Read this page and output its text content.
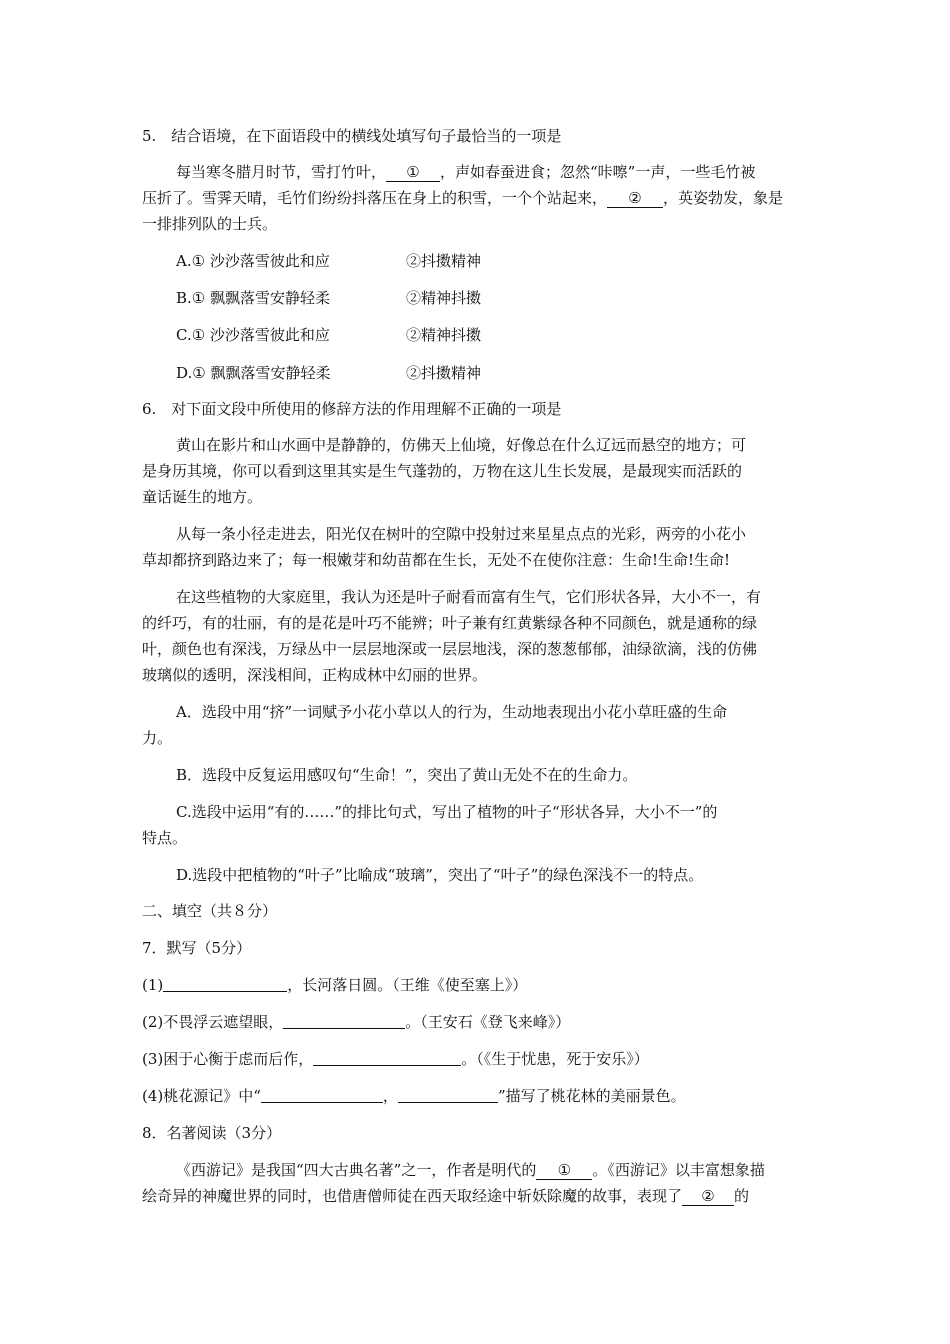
5.　结合语境，在下面语段中的横线处填写句子最恰当的一项是
每当寒冬腊月时节，雪打竹叶， ① ，声如春蚕进食；忽然“咔嚓”一声，一些毛竹被
压折了。雪霁天晴，毛竹们纷纷抖落压在身上的积雪，一个个站起来， ② ，英姿勃发，象是
一排排列队的士兵。
A.① 沙沙落雪彼此和应	②抖擞精神
B.① 飘飘落雪安静轻柔	②精神抖擞
C.① 沙沙落雪彼此和应	②精神抖擞
D.① 飘飘落雪安静轻柔	②抖擞精神
6.　对下面文段中所使用的修辞方法的作用理解不正确的一项是
黄山在影片和山水画中是静静的，仿佛天上仙境，好像总在什么辽远而悬空的地方；可
是身历其境，你可以看到这里其实是生气蓬勃的，万物在这儿生长发展，是最现实而活跃的
童话诞生的地方。
从每一条小径走进去，阳光仅在树叶的空隙中投射过来星星点点的光彩，两旁的小花小
草却都挤到路边来了；每一根嫩芽和幼苗都在生长，无处不在使你注意：生命!生命!生命!
在这些植物的大家庭里，我认为还是叶子耐看而富有生气，它们形状各异，大小不一，有
的纤巧，有的壮丽，有的是花是叶巧不能辨；叶子兼有红黄紫绿各种不同颜色，就是通称的绿
叶，颜色也有深浅，万绿丛中一层层地深或一层层地浅，深的葱葱郁郁，油绿欲滴，浅的仿佛
玻璃似的透明，深浅相间，正构成林中幻丽的世界。
A．选段中用“挤”一词赋予小花小草以人的行为，生动地表现出小花小草旺盛的生命
力。
B．选段中反复运用感叹句“生命！”，突出了黄山无处不在的生命力。
C.选段中运用“有的……”的排比句式，写出了植物的叶子“形状各异，大小不一”的
特点。
D.选段中把植物的“叶子”比喻成“玻璃”，突出了“叶子”的绿色深浅不一的特点。
二、填空（共８分）
7．默写（5分）
(1)	，长河落日圆。（王维《使至塞上》）
(2)不畏浮云遮望眼，	。（王安石《登飞来峰》）
(3)困于心衡于虑而后作，	。（《生于忧患，死于安乐》）
(4)桃花源记》中“	，	”描写了桃花林的美丽景色。
8．名著阅读（3分）
《西游记》是我国“四大古典名著”之一，作者是明代的 ① 。《西游记》以丰富想象描
绘奇异的神魔世界的同时，也借唐僧师徒在西天取经途中斩妖除魔的故事，表现了 ② 的
